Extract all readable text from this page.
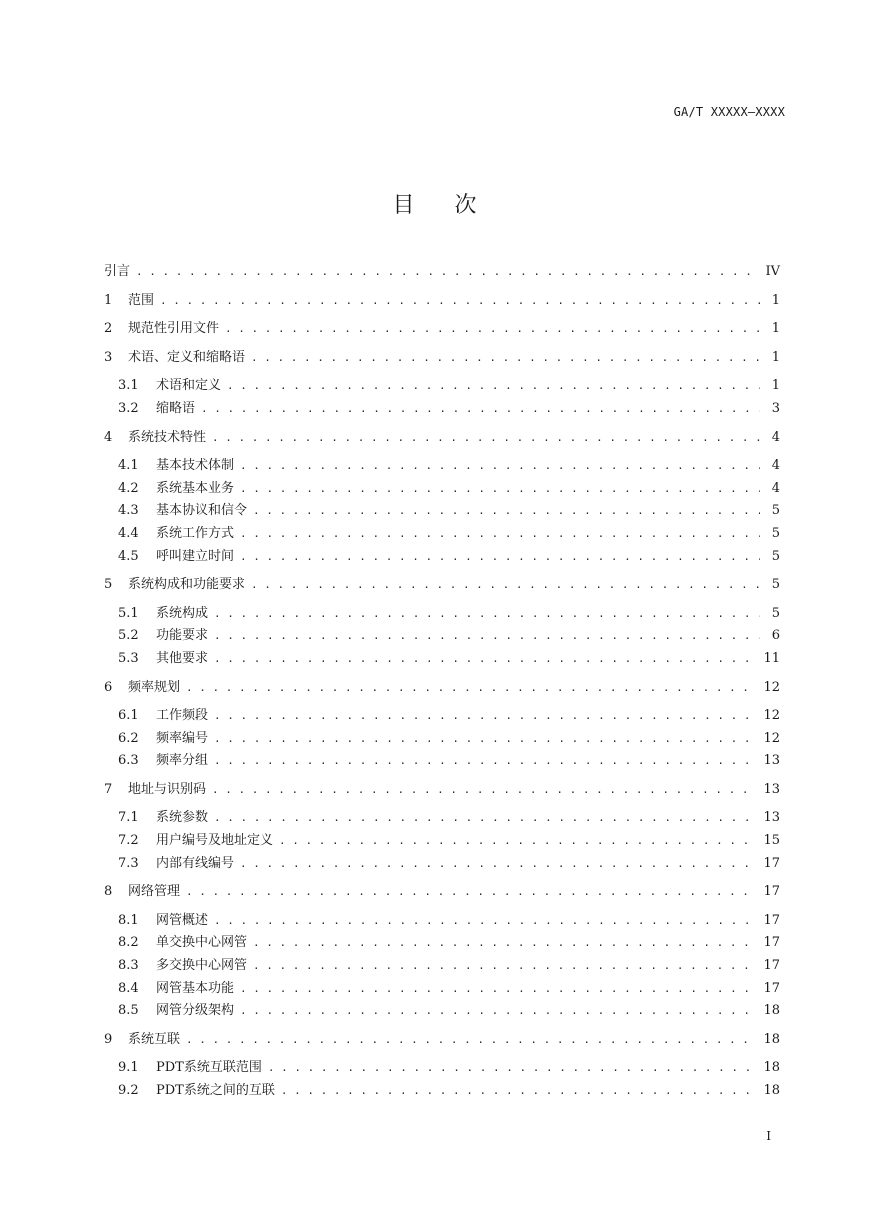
GA/T XXXXX—XXXX
目次
引言 . . .	IV
1	范围 . . .	1
2	规范性引用文件 . . .	1
3	术语、定义和缩略语 . . .	1
3.1	术语和定义 . . .	1
3.2	缩略语 . . .	3
4	系统技术特性 . . .	4
4.1	基本技术体制 . . .	4
4.2	系统基本业务 . . .	4
4.3	基本协议和信令 . . .	5
4.4	系统工作方式 . . .	5
4.5	呼叫建立时间 . . .	5
5	系统构成和功能要求 . . .	5
5.1	系统构成 . . .	5
5.2	功能要求 . . .	6
5.3	其他要求 . . .	11
6	频率规划 . . .	12
6.1	工作频段 . . .	12
6.2	频率编号 . . .	12
6.3	频率分组 . . .	13
7	地址与识别码 . . .	13
7.1	系统参数 . . .	13
7.2	用户编号及地址定义 . . .	15
7.3	内部有线编号 . . .	17
8	网络管理 . . .	17
8.1	网管概述 . . .	17
8.2	单交换中心网管 . . .	17
8.3	多交换中心网管 . . .	17
8.4	网管基本功能 . . .	17
8.5	网管分级架构 . . .	18
9	系统互联 . . .	18
9.1	PDT系统互联范围 . . .	18
9.2	PDT系统之间的互联 . . .	18
I
